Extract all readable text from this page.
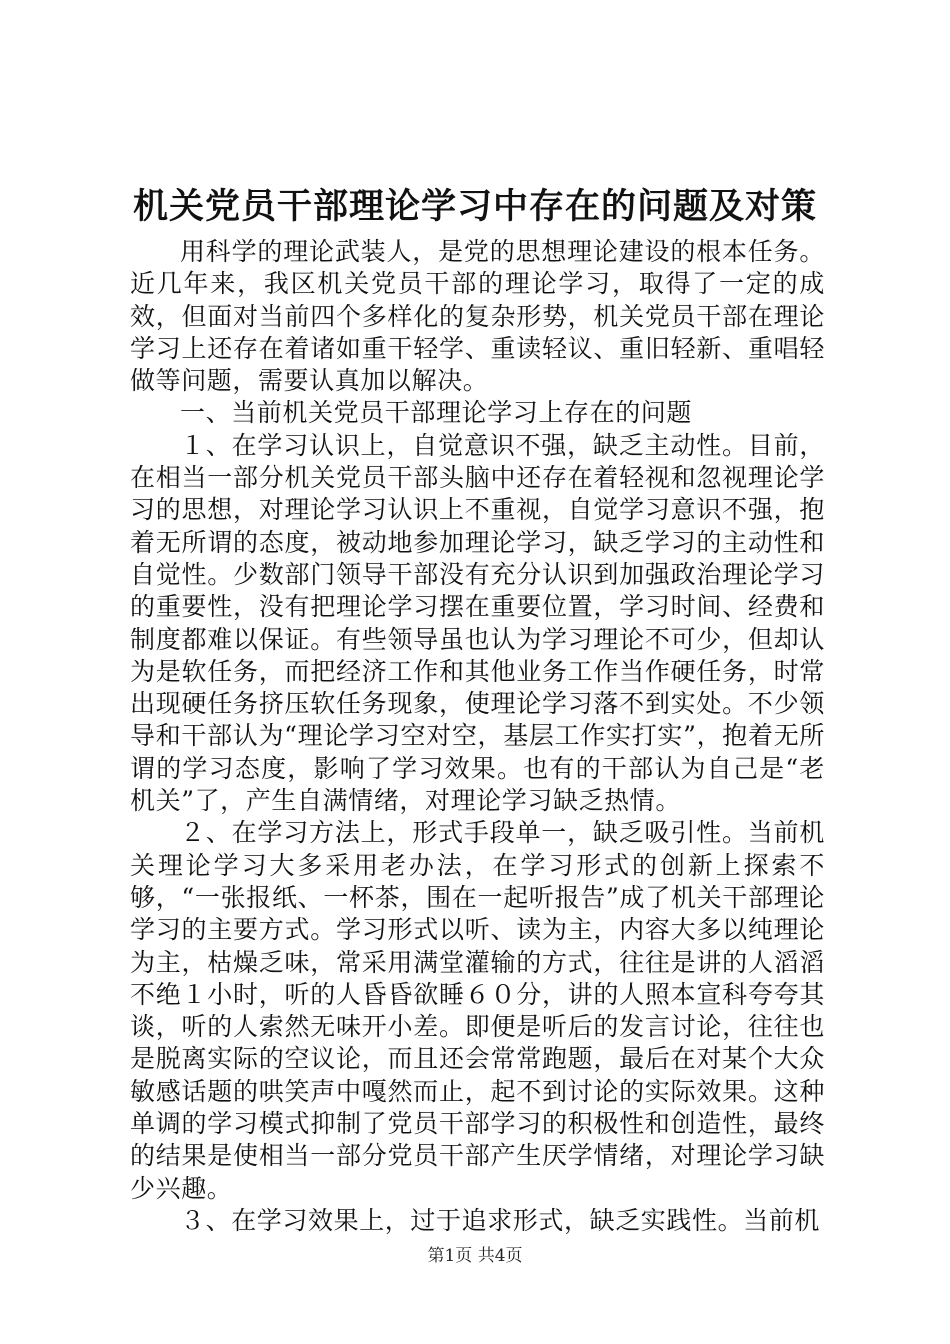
机关党员干部理论学习中存在的问题及对策

用科学的理论武装人，是党的思想理论建设的根本任务。近几年来，我区机关党员干部的理论学习，取得了一定的成效，但面对当前四个多样化的复杂形势，机关党员干部在理论学习上还存在着诸如重干轻学、重读轻议、重旧轻新、重唱轻做等问题，需要认真加以解决。

一、当前机关党员干部理论学习上存在的问题

１、在学习认识上，自觉意识不强，缺乏主动性。目前，在相当一部分机关党员干部头脑中还存在着轻视和忽视理论学习的思想，对理论学习认识上不重视，自觉学习意识不强，抱着无所谓的态度，被动地参加理论学习，缺乏学习的主动性和自觉性。少数部门领导干部没有充分认识到加强政治理论学习的重要性，没有把理论学习摆在重要位置，学习时间、经费和制度都难以保证。有些领导虽也认为学习理论不可少，但却认为是软任务，而把经济工作和其他业务工作当作硬任务，时常出现硬任务挤压软任务现象，使理论学习落不到实处。不少领导和干部认为“理论学习空对空，基层工作实打实”，抱着无所谓的学习态度，影响了学习效果。也有的干部认为自己是“老机关”了，产生自满情绪，对理论学习缺乏热情。

２、在学习方法上，形式手段单一，缺乏吸引性。当前机关理论学习大多采用老办法，在学习形式的创新上探索不够，“一张报纸、一杯茶，围在一起听报告”成了机关干部理论学习的主要方式。学习形式以听、读为主，内容大多以纯理论为主，枯燥乏味，常采用满堂灌输的方式，往往是讲的人滔滔不绝１小时，听的人昏昏欲睡６０分，讲的人照本宣科夸夸其谈，听的人索然无味开小差。即便是听后的发言讨论，往往也是脱离实际的空议论，而且还会常常跑题，最后在对某个大众敏感话题的哄笑声中嘎然而止，起不到讨论的实际效果。这种单调的学习模式抑制了党员干部学习的积极性和创造性，最终的结果是使相当一部分党员干部产生厌学情绪，对理论学习缺少兴趣。

３、在学习效果上，过于追求形式，缺乏实践性。当前机

第1页 共4页
